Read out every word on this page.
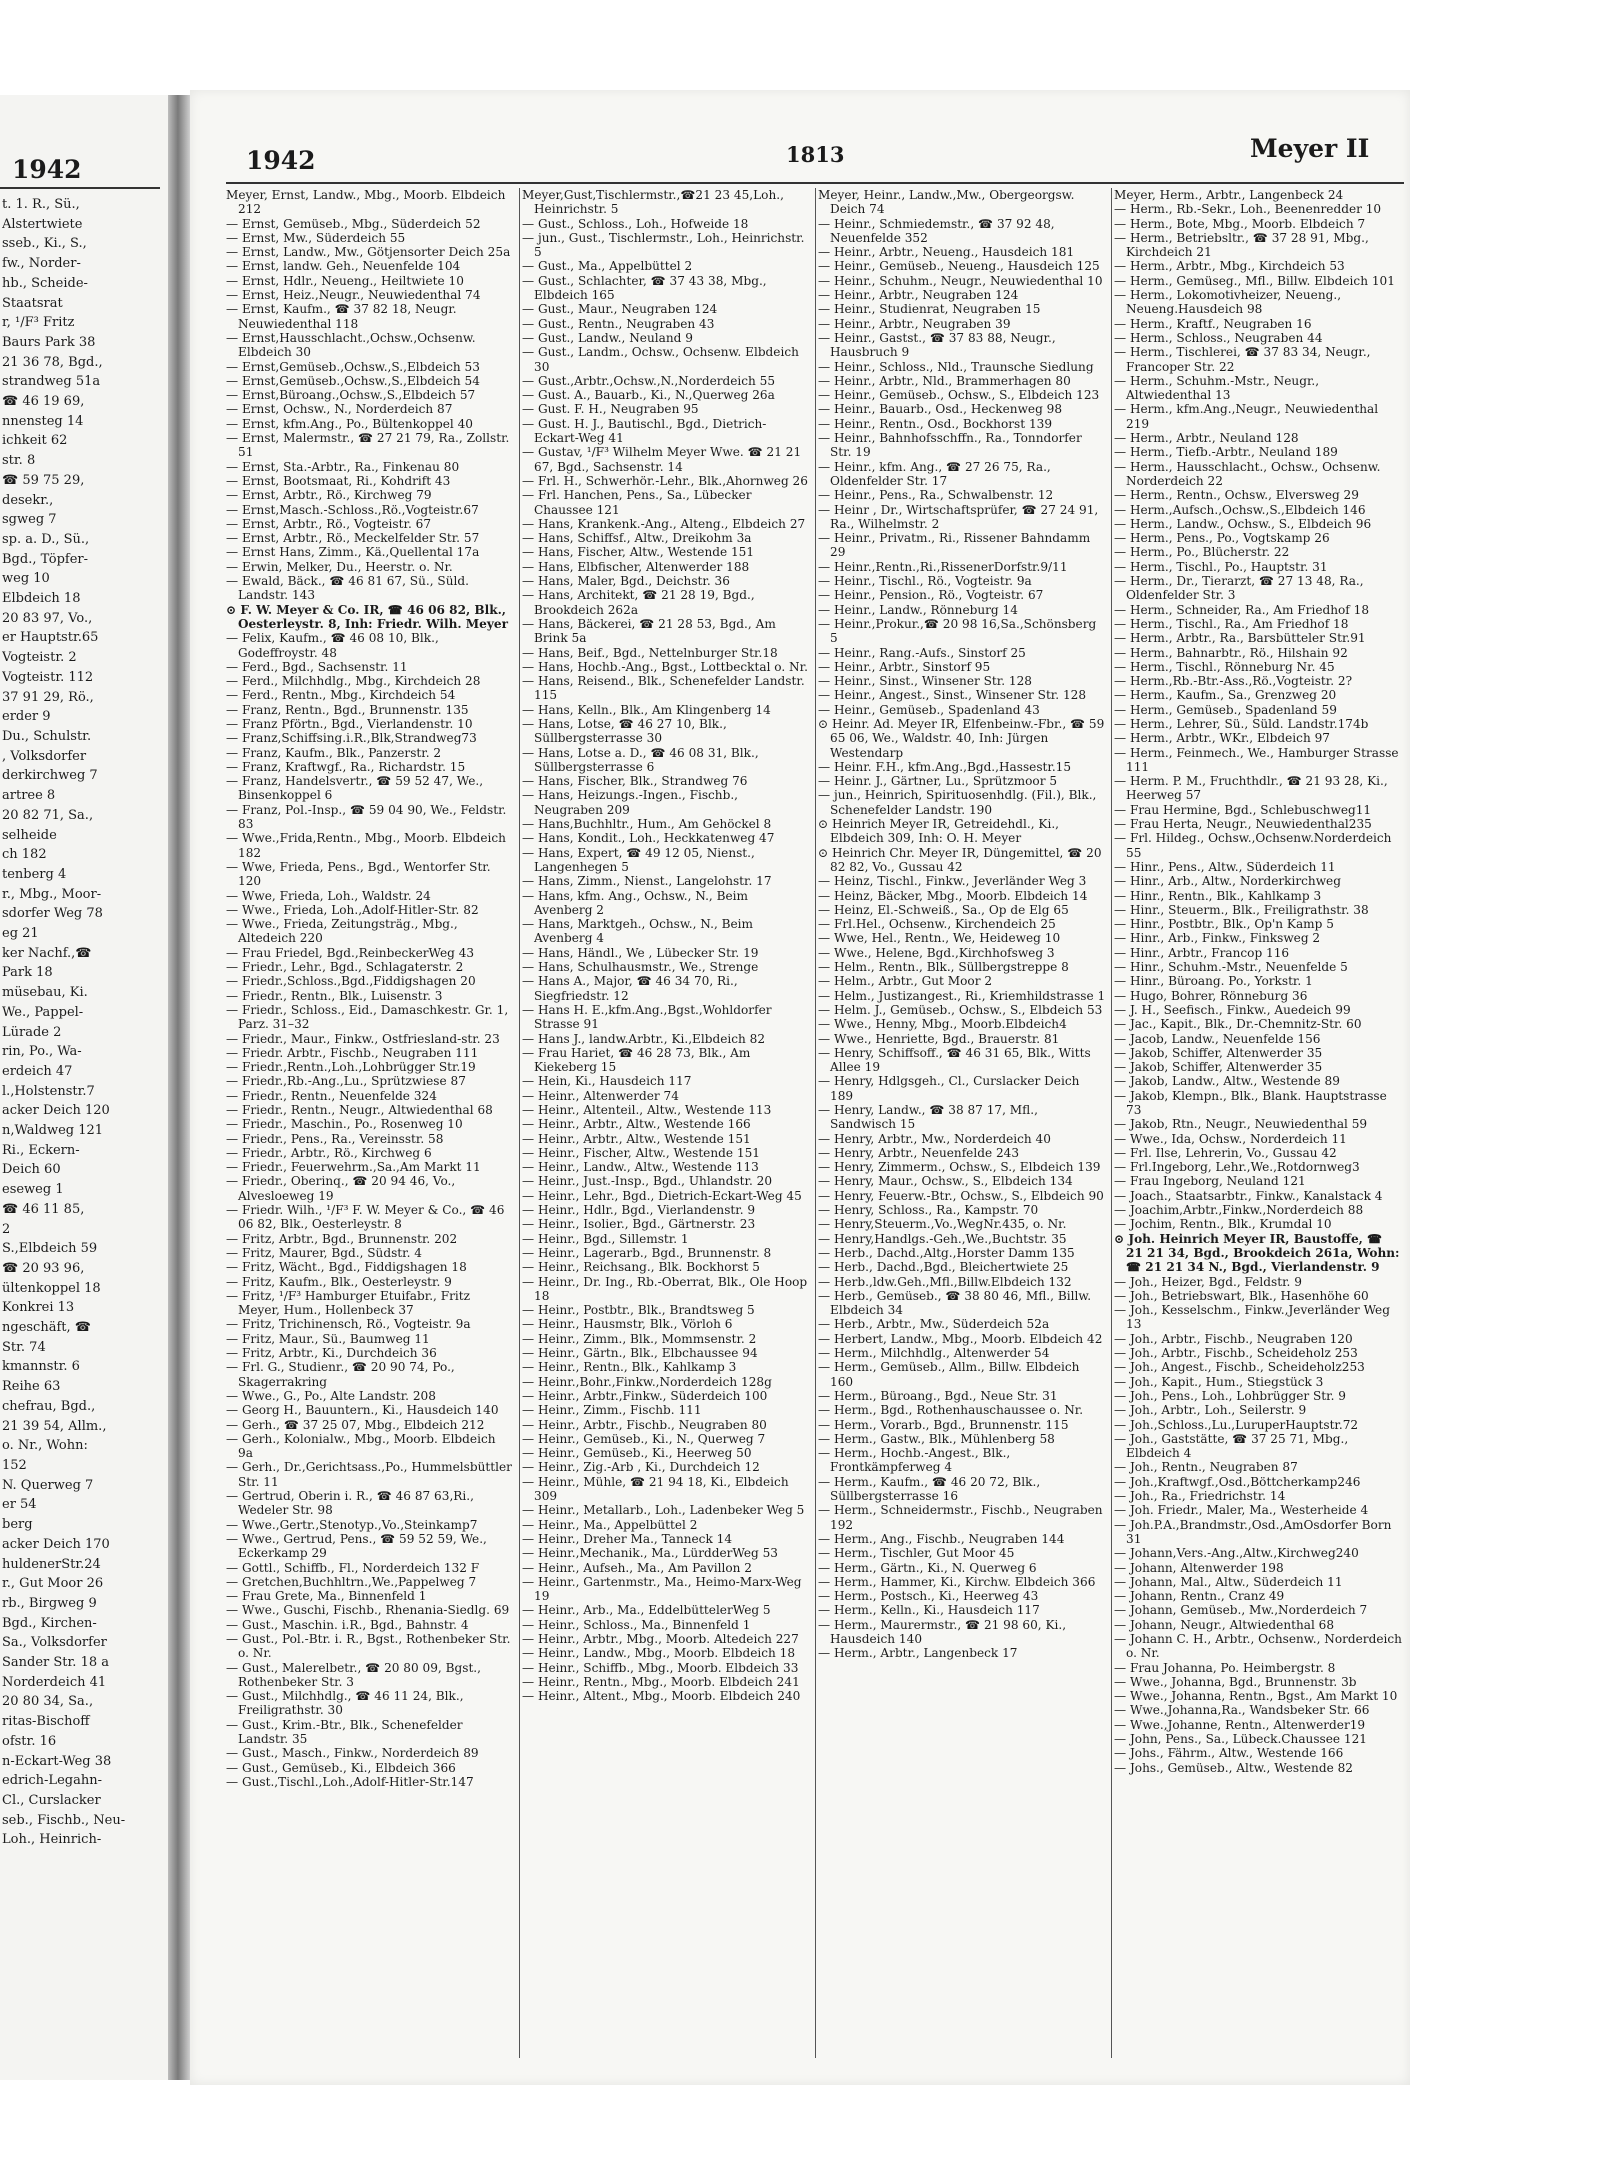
1942
t. 1. R., Sü.,
Alstertwiete
sseb., Ki., S.,
fw., Norder-
hb., Scheide-
Staatsrat
r, ¹/F³ Fritz
Baurs Park 38
21 36 78, Bgd.,
strandweg 51a
☎ 46 19 69,
nnensteg 14
ichkeit 62
str. 8
☎ 59 75 29,
desekr.,
sgweg 7
sp. a. D., Sü.,
Bgd., Töpfer-
weg 10
Elbdeich 18
20 83 97, Vo.,
er Hauptstr.65
Vogteistr. 2
Vogteistr. 112
37 91 29, Rö.,
erder 9
Du., Schulstr.
, Volksdorfer
derkirchweg 7
artree 8
20 82 71, Sa.,
selheide
ch 182
tenberg 4
r., Mbg., Moor-
sdorfer Weg 78
eg 21
ker Nachf.,☎
Park 18
müsebau, Ki.
We., Pappel-
Lürade 2
rin, Po., Wa-
erdeich 47
l.,Holstenstr.7
acker Deich 120
n,Waldweg 121
Ri., Eckern-
Deich 60
eseweg 1
☎ 46 11 85,
2
S.,Elbdeich 59
☎ 20 93 96,
ültenkoppel 18
Konkrei 13
ngeschäft, ☎
Str. 74
kmannstr. 6
Reihe 63
chefrau, Bgd.,
21 39 54, Allm.,
o. Nr., Wohn:
152
N. Querweg 7
er 54
berg
acker Deich 170
huldenerStr.24
r., Gut Moor 26
rb., Birgweg 9
Bgd., Kirchen-
Sa., Volksdorfer
Sander Str. 18 a
Norderdeich 41
20 80 34, Sa.,
ritas-Bischoff
ofstr. 16
n-Eckart-Weg 38
edrich-Legahn-
Cl., Curslacker
seb., Fischb., Neu-
Loh., Heinrich-
1942	1813	Meyer II
Meyer, Ernst, Landw., Mbg., Moorb. Elbdeich 212
— Ernst, Gemüseb., Mbg., Süderdeich 52
— Ernst, Mw., Süderdeich 55
— Ernst, Landw., Mw., Götjensorter Deich 25a
— Ernst, landw. Geh., Neuenfelde 104
— Ernst, Hdlr., Neueng., Heiltwiete 10
— Ernst, Heiz.,Neugr., Neuwiedenthal 74
— Ernst, Kaufm., ☎ 37 82 18, Neugr. Neuwiedenthal 118
— Ernst,Hausschlacht.,Ochsw.,Ochsenw. Elbdeich 30
— Ernst,Gemüseb.,Ochsw.,S.,Elbdeich 53
— Ernst,Gemüseb.,Ochsw.,S.,Elbdeich 54
— Ernst,Büroang.,Ochsw.,S.,Elbdeich 57
— Ernst, Ochsw., N., Norderdeich 87
— Ernst, kfm.Ang., Po., Bültenkoppel 40
— Ernst, Malermstr., ☎ 27 21 79, Ra., Zollstr. 51
— Ernst, Sta.-Arbtr., Ra., Finkenau 80
— Ernst, Bootsmaat, Ri., Kohdrift 43
— Ernst, Arbtr., Rö., Kirchweg 79
— Ernst,Masch.-Schloss.,Rö.,Vogteistr.67
— Ernst, Arbtr., Rö., Vogteistr. 67
— Ernst, Arbtr., Rö., Meckelfelder Str. 57
— Ernst Hans, Zimm., Kä.,Quellental 17a
— Erwin, Melker, Du., Heerstr. o. Nr.
— Ewald, Bäck., ☎ 46 81 67, Sü., Süld. Landstr. 143
⊙ F. W. Meyer & Co. ⅠR, ☎ 46 06 82, Blk., Oesterleystr. 8, Inh: Friedr. Wilh. Meyer
— Felix, Kaufm., ☎ 46 08 10, Blk., Godeffroystr. 48
— Ferd., Bgd., Sachsenstr. 11
— Ferd., Milchhdlg., Mbg., Kirchdeich 28
— Ferd., Rentn., Mbg., Kirchdeich 54
— Franz, Rentn., Bgd., Brunnenstr. 135
— Franz Pförtn., Bgd., Vierlandenstr. 10
— Franz,Schiffsing.i.R.,Blk,Strandweg73
— Franz, Kaufm., Blk., Panzerstr. 2
— Franz, Kraftwgf., Ra., Richardstr. 15
— Franz, Handelsvertr., ☎ 59 52 47, We., Binsenkoppel 6
— Franz, Pol.-Insp., ☎ 59 04 90, We., Feldstr. 83
— Wwe.,Frida,Rentn., Mbg., Moorb. Elbdeich 182
— Wwe, Frieda, Pens., Bgd., Wentorfer Str. 120
— Wwe, Frieda, Loh., Waldstr. 24
— Wwe., Frieda, Loh.,Adolf-Hitler-Str. 82
— Wwe., Frieda, Zeitungsträg., Mbg., Altedeich 220
— Frau Friedel, Bgd.,ReinbeckerWeg 43
— Friedr., Lehr., Bgd., Schlagaterstr. 2
— Friedr.,Schloss.,Bgd.,Fiddigshagen 20
— Friedr., Rentn., Blk., Luisenstr. 3
— Friedr., Schloss., Eid., Damaschkestr. Gr. 1, Parz. 31–32
— Friedr., Maur., Finkw., Ostfriesland-str. 23
— Friedr. Arbtr., Fischb., Neugraben 111
— Friedr.,Rentn.,Loh.,Lohbrügger Str.19
— Friedr.,Rb.-Ang.,Lu., Sprützwiese 87
— Friedr., Rentn., Neuenfelde 324
— Friedr., Rentn., Neugr., Altwiedenthal 68
— Friedr., Maschin., Po., Rosenweg 10
— Friedr., Pens., Ra., Vereinsstr. 58
— Friedr., Arbtr., Rö., Kirchweg 6
— Friedr., Feuerwehrm.,Sa.,Am Markt 11
— Friedr., Oberinq., ☎ 20 94 46, Vo., Alvesloeweg 19
— Friedr. Wilh., ¹/F³ F. W. Meyer & Co., ☎ 46 06 82, Blk., Oesterleystr. 8
— Fritz, Arbtr., Bgd., Brunnenstr. 202
— Fritz, Maurer, Bgd., Südstr. 4
— Fritz, Wächt., Bgd., Fiddigshagen 18
— Fritz, Kaufm., Blk., Oesterleystr. 9
— Fritz, ¹/F³ Hamburger Etuifabr., Fritz Meyer, Hum., Hollenbeck 37
— Fritz, Trichinensch, Rö., Vogteistr. 9a
— Fritz, Maur., Sü., Baumweg 11
— Fritz, Arbtr., Ki., Durchdeich 36
— Frl. G., Studienr., ☎ 20 90 74, Po., Skagerrakring
— Wwe., G., Po., Alte Landstr. 208
— Georg H., Bauuntern., Ki., Hausdeich 140
— Gerh., ☎ 37 25 07, Mbg., Elbdeich 212
— Gerh., Kolonialw., Mbg., Moorb. Elbdeich 9a
— Gerh., Dr.,Gerichtsass.,Po., Hummelsbüttler Str. 11
— Gertrud, Oberin i. R., ☎ 46 87 63,Ri., Wedeler Str. 98
— Wwe.,Gertr.,Stenotyp.,Vo.,Steinkamp7
— Wwe., Gertrud, Pens., ☎ 59 52 59, We., Eckerkamp 29
— Gottl., Schiffb., Fl., Norderdeich 132 F
— Gretchen,Buchhltrn.,We.,Pappelweg 7
— Frau Grete, Ma., Binnenfeld 1
— Wwe., Guschi, Fischb., Rhenania-Siedlg. 69
— Gust., Maschin. i.R., Bgd., Bahnstr. 4
— Gust., Pol.-Btr. i. R., Bgst., Rothenbeker Str. o. Nr.
— Gust., Malerelbetr., ☎ 20 80 09, Bgst., Rothenbeker Str. 3
— Gust., Milchhdlg., ☎ 46 11 24, Blk., Freiligrathstr. 30
— Gust., Krim.-Btr., Blk., Schenefelder Landstr. 35
— Gust., Masch., Finkw., Norderdeich 89
— Gust., Gemüseb., Ki., Elbdeich 366
— Gust.,Tischl.,Loh.,Adolf-Hitler-Str.147
Meyer,Gust,Tischlermstr.,☎21 23 45,Loh., Heinrichstr. 5
— Gust., Schloss., Loh., Hofweide 18
— jun., Gust., Tischlermstr., Loh., Heinrichstr. 5
— Gust., Ma., Appelbüttel 2
— Gust., Schlachter, ☎ 37 43 38, Mbg., Elbdeich 165
— Gust., Maur., Neugraben 124
— Gust., Rentn., Neugraben 43
— Gust., Landw., Neuland 9
— Gust., Landm., Ochsw., Ochsenw. Elbdeich 30
— Gust.,Arbtr.,Ochsw.,N.,Norderdeich 55
— Gust. A., Bauarb., Ki., N.,Querweg 26a
— Gust. F. H., Neugraben 95
— Gust. H. J., Bautischl., Bgd., Dietrich-Eckart-Weg 41
— Gustav, ¹/F³ Wilhelm Meyer Wwe. ☎ 21 21 67, Bgd., Sachsenstr. 14
— Frl. H., Schwerhör.-Lehr., Blk.,Ahornweg 26
— Frl. Hanchen, Pens., Sa., Lübecker Chaussee 121
— Hans, Krankenk.-Ang., Alteng., Elbdeich 27
— Hans, Schiffsf., Altw., Dreikohm 3a
— Hans, Fischer, Altw., Westende 151
— Hans, Elbfischer, Altenwerder 188
— Hans, Maler, Bgd., Deichstr. 36
— Hans, Architekt, ☎ 21 28 19, Bgd., Brookdeich 262a
— Hans, Bäckerei, ☎ 21 28 53, Bgd., Am Brink 5a
— Hans, Beif., Bgd., Nettelnburger Str.18
— Hans, Hochb.-Ang., Bgst., Lottbecktal o. Nr.
— Hans, Reisend., Blk., Schenefelder Landstr. 115
— Hans, Kelln., Blk., Am Klingenberg 14
— Hans, Lotse, ☎ 46 27 10, Blk., Süllbergsterrasse 30
— Hans, Lotse a. D., ☎ 46 08 31, Blk., Süllbergsterrasse 6
— Hans, Fischer, Blk., Strandweg 76
— Hans, Heizungs.-Ingen., Fischb., Neugraben 209
— Hans,Buchhltr., Hum., Am Gehöckel 8
— Hans, Kondit., Loh., Heckkatenweg 47
— Hans, Expert, ☎ 49 12 05, Nienst., Langenhegen 5
— Hans, Zimm., Nienst., Langelohstr. 17
— Hans, kfm. Ang., Ochsw., N., Beim Avenberg 2
— Hans, Marktgeh., Ochsw., N., Beim Avenberg 4
— Hans, Händl., We , Lübecker Str. 19
— Hans, Schulhausmstr., We., Strenge
— Hans A., Major, ☎ 46 34 70, Ri., Siegfriedstr. 12
— Hans H. E.,kfm.Ang.,Bgst.,Wohldorfer Strasse 91
— Hans J., landw.Arbtr., Ki.,Elbdeich 82
— Frau Hariet, ☎ 46 28 73, Blk., Am Kiekeberg 15
— Hein, Ki., Hausdeich 117
— Heinr., Altenwerder 74
— Heinr., Altenteil., Altw., Westende 113
— Heinr., Arbtr., Altw., Westende 166
— Heinr., Arbtr., Altw., Westende 151
— Heinr., Fischer, Altw., Westende 151
— Heinr., Landw., Altw., Westende 113
— Heinr., Just.-Insp., Bgd., Uhlandstr. 20
— Heinr., Lehr., Bgd., Dietrich-Eckart-Weg 45
— Heinr., Hdlr., Bgd., Vierlandenstr. 9
— Heinr., Isolier., Bgd., Gärtnerstr. 23
— Heinr., Bgd., Sillemstr. 1
— Heinr., Lagerarb., Bgd., Brunnenstr. 8
— Heinr., Reichsang., Blk. Bockhorst 5
— Heinr., Dr. Ing., Rb.-Oberrat, Blk., Ole Hoop 18
— Heinr., Postbtr., Blk., Brandtsweg 5
— Heinr., Hausmstr, Blk., Vörloh 6
— Heinr., Zimm., Blk., Mommsenstr. 2
— Heinr., Gärtn., Blk., Elbchaussee 94
— Heinr., Rentn., Blk., Kahlkamp 3
— Heinr.,Bohr.,Finkw.,Norderdeich 128g
— Heinr., Arbtr.,Finkw., Süderdeich 100
— Heinr., Zimm., Fischb. 111
— Heinr., Arbtr., Fischb., Neugraben 80
— Heinr., Gemüseb., Ki., N., Querweg 7
— Heinr., Gemüseb., Ki., Heerweg 50
— Heinr., Zig.-Arb , Ki., Durchdeich 12
— Heinr., Mühle, ☎ 21 94 18, Ki., Elbdeich 309
— Heinr., Metallarb., Loh., Ladenbeker Weg 5
— Heinr., Ma., Appelbüttel 2
— Heinr., Dreher Ma., Tanneck 14
— Heinr.,Mechanik., Ma., LürdderWeg 53
— Heinr., Aufseh., Ma., Am Pavillon 2
— Heinr., Gartenmstr., Ma., Heimo-Marx-Weg 19
— Heinr., Arb., Ma., EddelbüttelerWeg 5
— Heinr., Schloss., Ma., Binnenfeld 1
— Heinr., Arbtr., Mbg., Moorb. Altedeich 227
— Heinr., Landw., Mbg., Moorb. Elbdeich 18
— Heinr., Schiffb., Mbg., Moorb. Elbdeich 33
— Heinr., Rentn., Mbg., Moorb. Elbdeich 241
— Heinr., Altent., Mbg., Moorb. Elbdeich 240
Meyer, Heinr., Landw.,Mw., Obergeorgsw. Deich 74
— Heinr., Schmiedemstr., ☎ 37 92 48, Neuenfelde 352
— Heinr., Arbtr., Neueng., Hausdeich 181
— Heinr., Gemüseb., Neueng., Hausdeich 125
— Heinr., Schuhm., Neugr., Neuwiedenthal 10
— Heinr., Arbtr., Neugraben 124
— Heinr., Studienrat, Neugraben 15
— Heinr., Arbtr., Neugraben 39
— Heinr., Gastst., ☎ 37 83 88, Neugr., Hausbruch 9
— Heinr., Schloss., Nld., Traunsche Siedlung
— Heinr., Arbtr., Nld., Brammerhagen 80
— Heinr., Gemüseb., Ochsw., S., Elbdeich 123
— Heinr., Bauarb., Osd., Heckenweg 98
— Heinr., Rentn., Osd., Bockhorst 139
— Heinr., Bahnhofsschffn., Ra., Tonndorfer Str. 19
— Heinr., kfm. Ang., ☎ 27 26 75, Ra., Oldenfelder Str. 17
— Heinr., Pens., Ra., Schwalbenstr. 12
— Heinr , Dr., Wirtschaftsprüfer, ☎ 27 24 91, Ra., Wilhelmstr. 2
— Heinr., Privatm., Ri., Rissener Bahndamm 29
— Heinr.,Rentn.,Ri.,RissenerDorfstr.9/11
— Heinr., Tischl., Rö., Vogteistr. 9a
— Heinr., Pension., Rö., Vogteistr. 67
— Heinr., Landw., Rönneburg 14
— Heinr.,Prokur.,☎ 20 98 16,Sa.,Schönsberg 5
— Heinr., Rang.-Aufs., Sinstorf 25
— Heinr., Arbtr., Sinstorf 95
— Heinr., Sinst., Winsener Str. 128
— Heinr., Angest., Sinst., Winsener Str. 128
— Heinr., Gemüseb., Spadenland 43
⊙ Heinr. Ad. Meyer ⅠR, Elfenbeinw.-Fbr., ☎ 59 65 06, We., Waldstr. 40, Inh: Jürgen Westendarp
— Heinr. F.H., kfm.Ang.,Bgd.,Hassestr.15
— Heinr. J., Gärtner, Lu., Sprützmoor 5
— jun., Heinrich, Spirituosenhdlg. (Fil.), Blk., Schenefelder Landstr. 190
⊙ Heinrich Meyer ⅠR, Getreidehdl., Ki., Elbdeich 309, Inh: O. H. Meyer
⊙ Heinrich Chr. Meyer ⅠR, Düngemittel, ☎ 20 82 82, Vo., Gussau 42
— Heinz, Tischl., Finkw., Jeverländer Weg 3
— Heinz, Bäcker, Mbg., Moorb. Elbdeich 14
— Heinz, El.-Schweiß., Sa., Op de Elg 65
— Frl.Hel., Ochsenw., Kirchendeich 25
— Wwe, Hel., Rentn., We, Heideweg 10
— Wwe., Helene, Bgd.,Kirchhofsweg 3
— Helm., Rentn., Blk., Süllbergstreppe 8
— Helm., Arbtr., Gut Moor 2
— Helm., Justizangest., Ri., Kriemhildstrasse 1
— Helm. J., Gemüseb., Ochsw., S., Elbdeich 53
— Wwe., Henny, Mbg., Moorb.Elbdeich4
— Wwe., Henriette, Bgd., Brauerstr. 81
— Henry, Schiffsoff., ☎ 46 31 65, Blk., Witts Allee 19
— Henry, Hdlgsgeh., Cl., Curslacker Deich 189
— Henry, Landw., ☎ 38 87 17, Mfl., Sandwisch 15
— Henry, Arbtr., Mw., Norderdeich 40
— Henry, Arbtr., Neuenfelde 243
— Henry, Zimmerm., Ochsw., S., Elbdeich 139
— Henry, Maur., Ochsw., S., Elbdeich 134
— Henry, Feuerw.-Btr., Ochsw., S., Elbdeich 90
— Henry, Schloss., Ra., Kampstr. 70
— Henry,Steuerm.,Vo.,WegNr.435, o. Nr.
— Henry,Handlgs.-Geh.,We.,Buchtstr. 35
— Herb., Dachd.,Altg.,Horster Damm 135
— Herb., Dachd.,Bgd., Bleichertwiete 25
— Herb.,ldw.Geh.,Mfl.,Billw.Elbdeich 132
— Herb., Gemüseb., ☎ 38 80 46, Mfl., Billw. Elbdeich 34
— Herb., Arbtr., Mw., Süderdeich 52a
— Herbert, Landw., Mbg., Moorb. Elbdeich 42
— Herm., Milchhdlg., Altenwerder 54
— Herm., Gemüseb., Allm., Billw. Elbdeich 160
— Herm., Büroang., Bgd., Neue Str. 31
— Herm., Bgd., Rothenhauschaussee o. Nr.
— Herm., Vorarb., Bgd., Brunnenstr. 115
— Herm., Gastw., Blk., Mühlenberg 58
— Herm., Hochb.-Angest., Blk., Frontkämpferweg 4
— Herm., Kaufm., ☎ 46 20 72, Blk., Süllbergsterrasse 16
— Herm., Schneidermstr., Fischb., Neugraben 192
— Herm., Ang., Fischb., Neugraben 144
— Herm., Tischler, Gut Moor 45
— Herm., Gärtn., Ki., N. Querweg 6
— Herm., Hammer, Ki., Kirchw. Elbdeich 366
— Herm., Postsch., Ki., Heerweg 43
— Herm., Kelln., Ki., Hausdeich 117
— Herm., Maurermstr., ☎ 21 98 60, Ki., Hausdeich 140
— Herm., Arbtr., Langenbeck 17
Meyer, Herm., Arbtr., Langenbeck 24
— Herm., Rb.-Sekr., Loh., Beenenredder 10
— Herm., Bote, Mbg., Moorb. Elbdeich 7
— Herm., Betriebsltr., ☎ 37 28 91, Mbg., Kirchdeich 21
— Herm., Arbtr., Mbg., Kirchdeich 53
— Herm., Gemüseg., Mfl., Billw. Elbdeich 101
— Herm., Lokomotivheizer, Neueng., Neueng.Hausdeich 98
— Herm., Kraftf., Neugraben 16
— Herm., Schloss., Neugraben 44
— Herm., Tischlerei, ☎ 37 83 34, Neugr., Francoper Str. 22
— Herm., Schuhm.-Mstr., Neugr., Altwiedenthal 13
— Herm., kfm.Ang.,Neugr., Neuwiedenthal 219
— Herm., Arbtr., Neuland 128
— Herm., Tiefb.-Arbtr., Neuland 189
— Herm., Hausschlacht., Ochsw., Ochsenw. Norderdeich 22
— Herm., Rentn., Ochsw., Elversweg 29
— Herm.,Aufsch.,Ochsw.,S.,Elbdeich 146
— Herm., Landw., Ochsw., S., Elbdeich 96
— Herm., Pens., Po., Vogtskamp 26
— Herm., Po., Blücherstr. 22
— Herm., Tischl., Po., Hauptstr. 31
— Herm., Dr., Tierarzt, ☎ 27 13 48, Ra., Oldenfelder Str. 3
— Herm., Schneider, Ra., Am Friedhof 18
— Herm., Tischl., Ra., Am Friedhof 18
— Herm., Arbtr., Ra., Barsbütteler Str.91
— Herm., Bahnarbtr., Rö., Hilshain 92
— Herm., Tischl., Rönneburg Nr. 45
— Herm.,Rb.-Btr.-Ass.,Rö.,Vogteistr. 2?
— Herm., Kaufm., Sa., Grenzweg 20
— Herm., Gemüseb., Spadenland 59
— Herm., Lehrer, Sü., Süld. Landstr.174b
— Herm., Arbtr., WKr., Elbdeich 97
— Herm., Feinmech., We., Hamburger Strasse 111
— Herm. P. M., Fruchthdlr., ☎ 21 93 28, Ki., Heerweg 57
— Frau Hermine, Bgd., Schlebuschweg11
— Frau Herta, Neugr., Neuwiedenthal235
— Frl. Hildeg., Ochsw.,Ochsenw.Norderdeich 55
— Hinr., Pens., Altw., Süderdeich 11
— Hinr., Arb., Altw., Norderkirchweg
— Hinr., Rentn., Blk., Kahlkamp 3
— Hinr., Steuerm., Blk., Freiligrathstr. 38
— Hinr., Postbtr., Blk., Op'n Kamp 5
— Hinr., Arb., Finkw., Finksweg 2
— Hinr., Arbtr., Francop 116
— Hinr., Schuhm.-Mstr., Neuenfelde 5
— Hinr., Büroang. Po., Yorkstr. 1
— Hugo, Bohrer, Rönneburg 36
— J. H., Seefisch., Finkw., Auedeich 99
— Jac., Kapit., Blk., Dr.-Chemnitz-Str. 60
— Jacob, Landw., Neuenfelde 156
— Jakob, Schiffer, Altenwerder 35
— Jakob, Schiffer, Altenwerder 35
— Jakob, Landw., Altw., Westende 89
— Jakob, Klempn., Blk., Blank. Hauptstrasse 73
— Jakob, Rtn., Neugr., Neuwiedenthal 59
— Wwe., Ida, Ochsw., Norderdeich 11
— Frl. Ilse, Lehrerin, Vo., Gussau 42
— Frl.Ingeborg, Lehr.,We.,Rotdornweg3
— Frau Ingeborg, Neuland 121
— Joach., Staatsarbtr., Finkw., Kanalstack 4
— Joachim,Arbtr.,Finkw.,Norderdeich 88
— Jochim, Rentn., Blk., Krumdal 10
⊙ Joh. Heinrich Meyer ⅠR, Baustoffe, ☎ 21 21 34, Bgd., Brookdeich 261a, Wohn: ☎ 21 21 34 N., Bgd., Vierlandenstr. 9
— Joh., Heizer, Bgd., Feldstr. 9
— Joh., Betriebswart, Blk., Hasenhöhe 60
— Joh., Kesselschm., Finkw.,Jeverländer Weg 13
— Joh., Arbtr., Fischb., Neugraben 120
— Joh., Arbtr., Fischb., Scheideholz 253
— Joh., Angest., Fischb., Scheideholz253
— Joh., Kapit., Hum., Stiegstück 3
— Joh., Pens., Loh., Lohbrügger Str. 9
— Joh., Arbtr., Loh., Seilerstr. 9
— Joh.,Schloss.,Lu.,LuruperHauptstr.72
— Joh., Gaststätte, ☎ 37 25 71, Mbg., Elbdeich 4
— Joh., Rentn., Neugraben 87
— Joh.,Kraftwgf.,Osd.,Böttcherkamp246
— Joh., Ra., Friedrichstr. 14
— Joh. Friedr., Maler, Ma., Westerheide 4
— Joh.P.A.,Brandmstr.,Osd.,AmOsdorfer Born 31
— Johann,Vers.-Ang.,Altw.,Kirchweg240
— Johann, Altenwerder 198
— Johann, Mal., Altw., Süderdeich 11
— Johann, Rentn., Cranz 49
— Johann, Gemüseb., Mw.,Norderdeich 7
— Johann, Neugr., Altwiedenthal 68
— Johann C. H., Arbtr., Ochsenw., Norderdeich o. Nr.
— Frau Johanna, Po. Heimbergstr. 8
— Wwe., Johanna, Bgd., Brunnenstr. 3b
— Wwe., Johanna, Rentn., Bgst., Am Markt 10
— Wwe.,Johanna,Ra., Wandsbeker Str. 66
— Wwe.,Johanne, Rentn., Altenwerder19
— John, Pens., Sa., Lübeck.Chaussee 121
— Johs., Fährm., Altw., Westende 166
— Johs., Gemüseb., Altw., Westende 82
